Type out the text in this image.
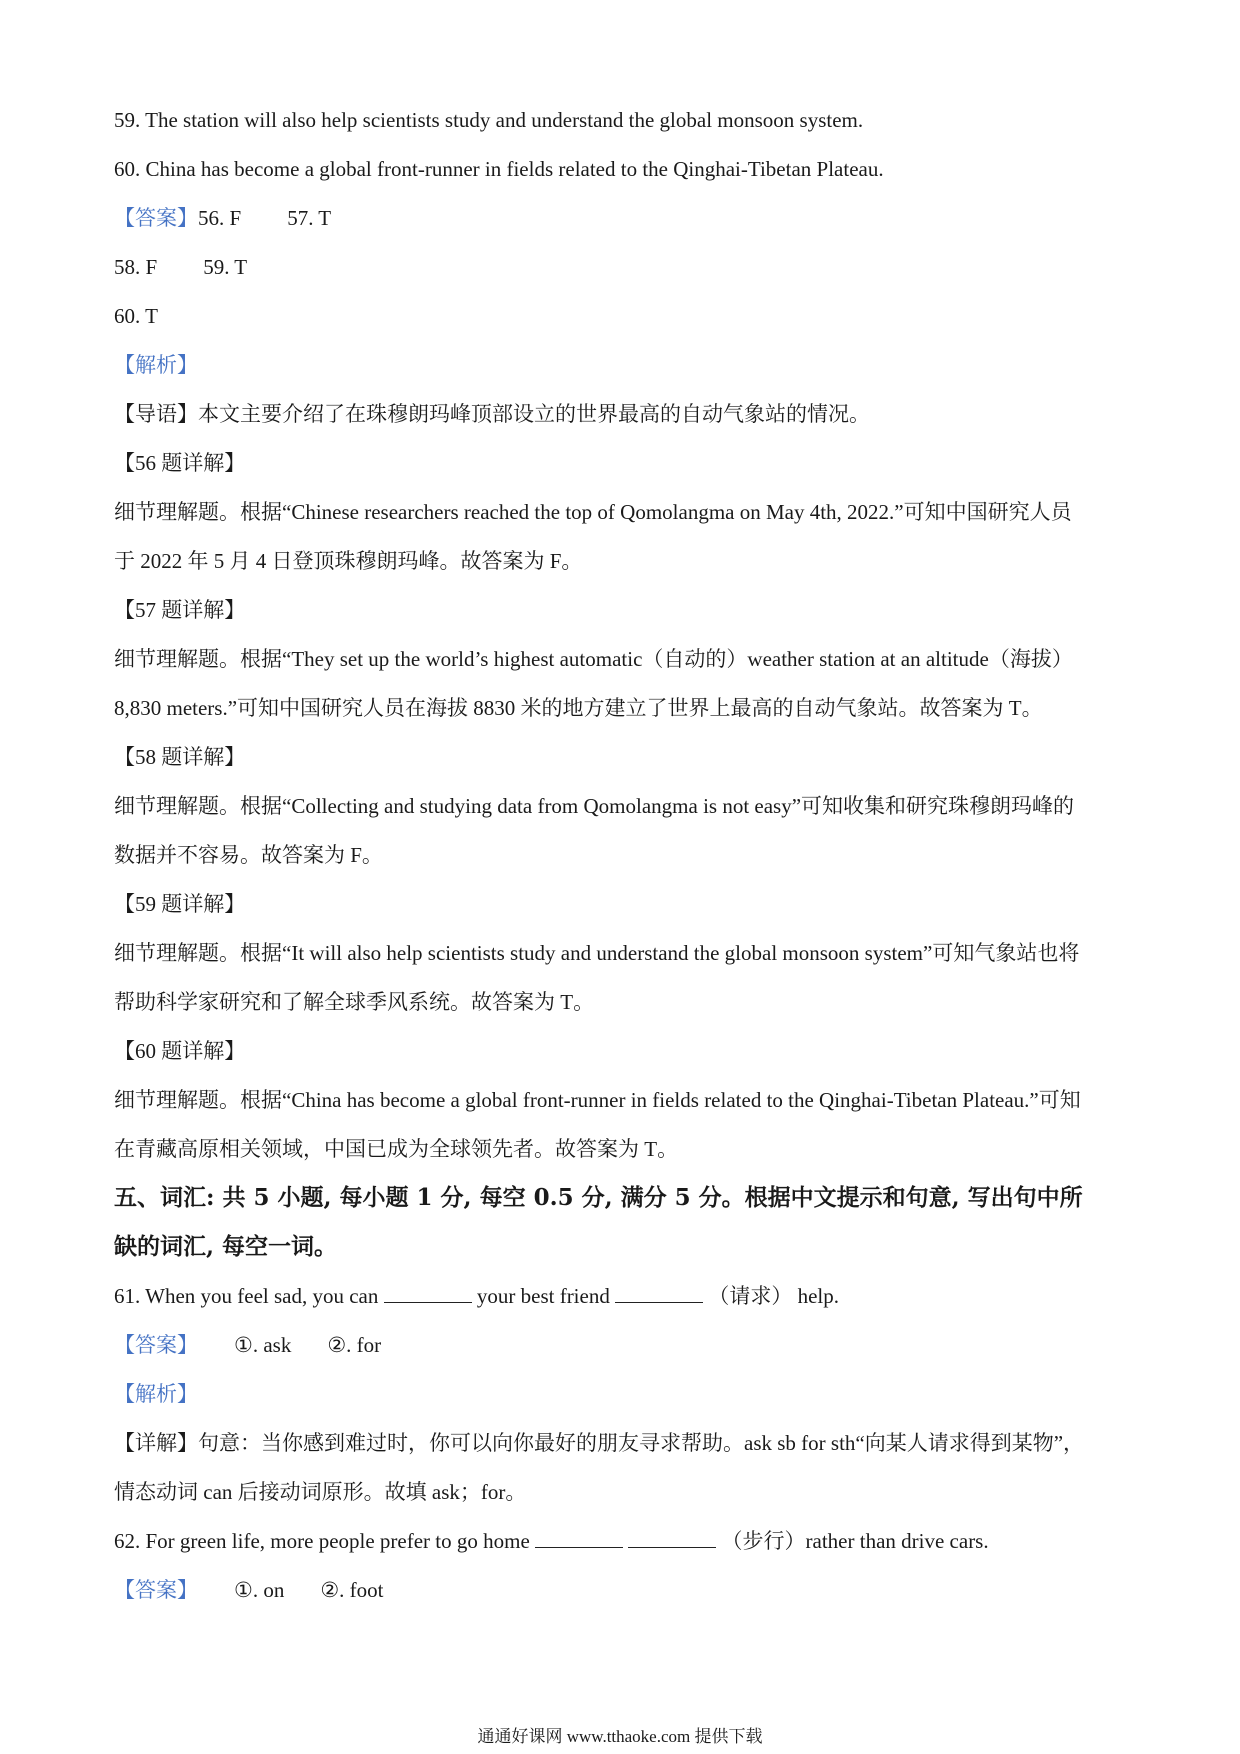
59. The station will also help scientists study and understand the global monsoon system.
60. China has become a global front-runner in fields related to the Qinghai-Tibetan Plateau.
【答案】56. F 57. T
58. F 59. T
60. T
【解析】
【导语】本文主要介绍了在珠穆朗玛峰顶部设立的世界最高的自动气象站的情况。
【56 题详解】
细节理解题。根据“Chinese researchers reached the top of Qomolangma on May 4th, 2022.”可知中国研究人员
于 2022 年 5 月 4 日登顶珠穆朗玛峰。故答案为 F。
【57 题详解】
细节理解题。根据“They set up the world’s highest automatic（自动的）weather station at an altitude（海拔）
8,830 meters.”可知中国研究人员在海拔 8830 米的地方建立了世界上最高的自动气象站。故答案为 T。
【58 题详解】
细节理解题。根据“Collecting and studying data from Qomolangma is not easy”可知收集和研究珠穆朗玛峰的
数据并不容易。故答案为 F。
【59 题详解】
细节理解题。根据“It will also help scientists study and understand the global monsoon system”可知气象站也将
帮助科学家研究和了解全球季风系统。故答案为 T。
【60 题详解】
细节理解题。根据“China has become a global front-runner in fields related to the Qinghai-Tibetan Plateau.”可知
在青藏高原相关领域，中国已成为全球领先者。故答案为 T。
五、词汇: 共 5 小题, 每小题 1 分, 每空 0.5 分, 满分 5 分。根据中文提示和句意, 写出句中所
缺的词汇, 每空一词。
61. When you feel sad, you can	your best friend	（请求） help.
【答案】 ①. ask ②. for
【解析】
【详解】句意：当你感到难过时，你可以向你最好的朋友寻求帮助。ask sb for sth“向某人请求得到某物”，
情态动词 can 后接动词原形。故填 ask；for。
62. For green life, more people prefer to go home	（步行）rather than drive cars.
【答案】 ①. on ②. foot
通通好课网 www.tthaoke.com 提供下载
